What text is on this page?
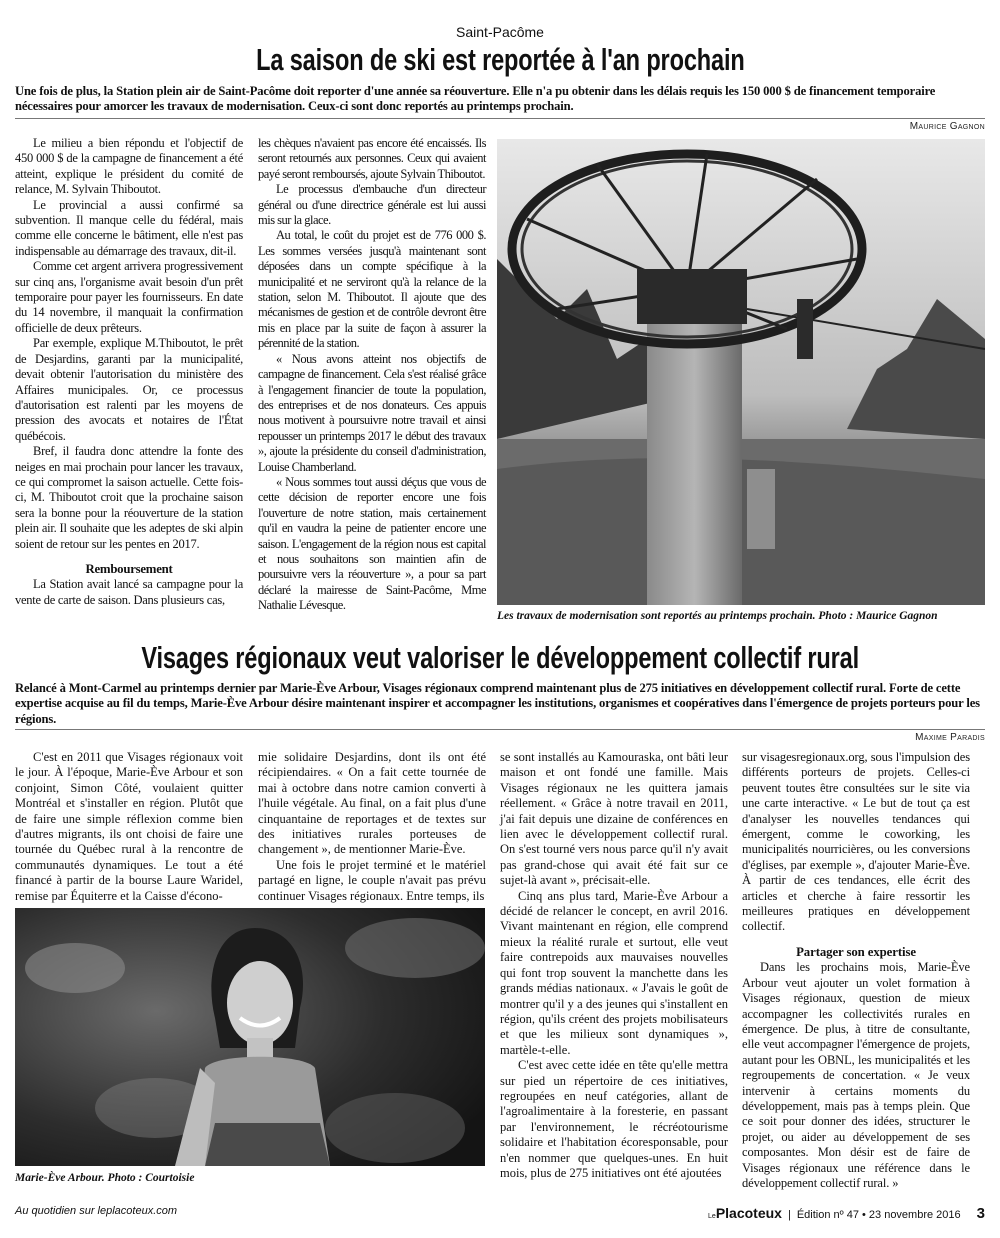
Saint-Pacôme
La saison de ski est reportée à l'an prochain
Une fois de plus, la Station plein air de Saint-Pacôme doit reporter d'une année sa réouverture. Elle n'a pu obtenir dans les délais requis les 150 000 $ de financement temporaire nécessaires pour amorcer les travaux de modernisation. Ceux-ci sont donc reportés au printemps prochain.
Maurice Gagnon

Le milieu a bien répondu et l'objectif de 450 000 $ de la campagne de financement a été atteint, explique le président du comité de relance, M. Sylvain Thiboutot.

Le provincial a aussi confirmé sa subvention. Il manque celle du fédéral, mais comme elle concerne le bâtiment, elle n'est pas indispensable au démarrage des travaux, dit-il.

Comme cet argent arrivera progressivement sur cinq ans, l'organisme avait besoin d'un prêt temporaire pour payer les fournisseurs. En date du 14 novembre, il manquait la confirmation officielle de deux prêteurs.

Par exemple, explique M.Thiboutot, le prêt de Desjardins, garanti par la municipalité, devait obtenir l'autorisation du ministère des Affaires municipales. Or, ce processus d'autorisation est ralenti par les moyens de pression des avocats et notaires de l'État québécois.

Bref, il faudra donc attendre la fonte des neiges en mai prochain pour lancer les travaux, ce qui compromet la saison actuelle. Cette fois-ci, M. Thiboutot croit que la prochaine saison sera la bonne pour la réouverture de la station plein air. Il souhaite que les adeptes de ski alpin soient de retour sur les pentes en 2017.

Remboursement

La Station avait lancé sa campagne pour la vente de carte de saison. Dans plusieurs cas,

les chèques n'avaient pas encore été encaissés. Ils seront retournés aux personnes. Ceux qui avaient payé seront remboursés, ajoute Sylvain Thiboutot.

Le processus d'embauche d'un directeur général ou d'une directrice générale est lui aussi mis sur la glace.

Au total, le coût du projet est de 776 000 $. Les sommes versées jusqu'à maintenant sont déposées dans un compte spécifique à la municipalité et ne serviront qu'à la relance de la station, selon M. Thiboutot. Il ajoute que des mécanismes de gestion et de contrôle devront être mis en place par la suite de façon à assurer la pérennité de la station.

« Nous avons atteint nos objectifs de campagne de financement. Cela s'est réalisé grâce à l'engagement financier de toute la population, des entreprises et de nos donateurs. Ces appuis nous motivent à poursuivre notre travail et ainsi repousser un printemps 2017 le début des travaux », ajoute la présidente du conseil d'administration, Louise Chamberland.

« Nous sommes tout aussi déçus que vous de cette décision de reporter encore une fois l'ouverture de notre station, mais certainement qu'il en vaudra la peine de patienter encore une saison. L'engagement de la région nous est capital et nous souhaitons son maintien afin de poursuivre vers la réouverture », a pour sa part déclaré la mairesse de Saint-Pacôme, Mme Nathalie Lévesque.

Les travaux de modernisation sont reportés au printemps prochain. Photo : Maurice Gagnon
Visages régionaux veut valoriser le développement collectif rural
Relancé à Mont-Carmel au printemps dernier par Marie-Ève Arbour, Visages régionaux comprend maintenant plus de 275 initiatives en développement collectif rural. Forte de cette expertise acquise au fil du temps, Marie-Ève Arbour désire maintenant inspirer et accompagner les institutions, organismes et coopératives dans l'émergence de projets porteurs pour les régions.
Maxime Paradis

C'est en 2011 que Visages régionaux voit le jour. À l'époque, Marie-Ève Arbour et son conjoint, Simon Côté, voulaient quitter Montréal et s'installer en région. Plutôt que de faire une simple réflexion comme bien d'autres migrants, ils ont choisi de faire une tournée du Québec rural à la rencontre de communautés dynamiques. Le tout a été financé à partir de la bourse Laure Waridel, remise par Équiterre et la Caisse d'écono-

mie solidaire Desjardins, dont ils ont été récipiendaires. « On a fait cette tournée de mai à octobre dans notre camion converti à l'huile végétale. Au final, on a fait plus d'une cinquantaine de reportages et de textes sur des initiatives rurales porteuses de changement », de mentionner Marie-Ève.

Une fois le projet terminé et le matériel partagé en ligne, le couple n'avait pas prévu continuer Visages régionaux. Entre temps, ils

se sont installés au Kamouraska, ont bâti leur maison et ont fondé une famille. Mais Visages régionaux ne les quittera jamais réellement. « Grâce à notre travail en 2011, j'ai fait depuis une dizaine de conférences en lien avec le développement collectif rural. On s'est tourné vers nous parce qu'il n'y avait pas grand-chose qui avait été fait sur ce sujet-là avant », précisait-elle.

Cinq ans plus tard, Marie-Ève Arbour a décidé de relancer le concept, en avril 2016. Vivant maintenant en région, elle comprend mieux la réalité rurale et surtout, elle veut faire contrepoids aux mauvaises nouvelles qui font trop souvent la manchette dans les grands médias nationaux. « J'avais le goût de montrer qu'il y a des jeunes qui s'installent en région, qu'ils créent des projets mobilisateurs et que les milieux sont dynamiques », martèle-t-elle.

C'est avec cette idée en tête qu'elle mettra sur pied un répertoire de ces initiatives, regroupées en neuf catégories, allant de l'agroalimentaire à la foresterie, en passant par l'environnement, le récréotourisme solidaire et l'habitation écoresponsable, pour n'en nommer que quelques-unes. En huit mois, plus de 275 initiatives ont été ajoutées

sur visagesregionaux.org, sous l'impulsion des différents porteurs de projets. Celles-ci peuvent toutes être consultées sur le site via une carte interactive. « Le but de tout ça est d'analyser les nouvelles tendances qui émergent, comme le coworking, les municipalités nourricières, ou les conversions d'églises, par exemple », d'ajouter Marie-Ève. À partir de ces tendances, elle écrit des articles et cherche à faire ressortir les meilleures pratiques en développement collectif.

Partager son expertise

Dans les prochains mois, Marie-Ève Arbour veut ajouter un volet formation à Visages régionaux, question de mieux accompagner les collectivités rurales en émergence. De plus, à titre de consultante, elle veut accompagner l'émergence de projets, autant pour les OBNL, les municipalités et les regroupements de concertation. « Je veux intervenir à certains moments du développement, mais pas à temps plein. Que ce soit pour donner des idées, structurer le projet, ou aider au développement de ses composantes. Mon désir est de faire de Visages régionaux une référence dans le développement collectif rural. »

Marie-Ève Arbour. Photo : Courtoisie
Au quotidien sur leplacoteux.com	LePlacoteux | Édition nº 47 • 23 novembre 2016 3
